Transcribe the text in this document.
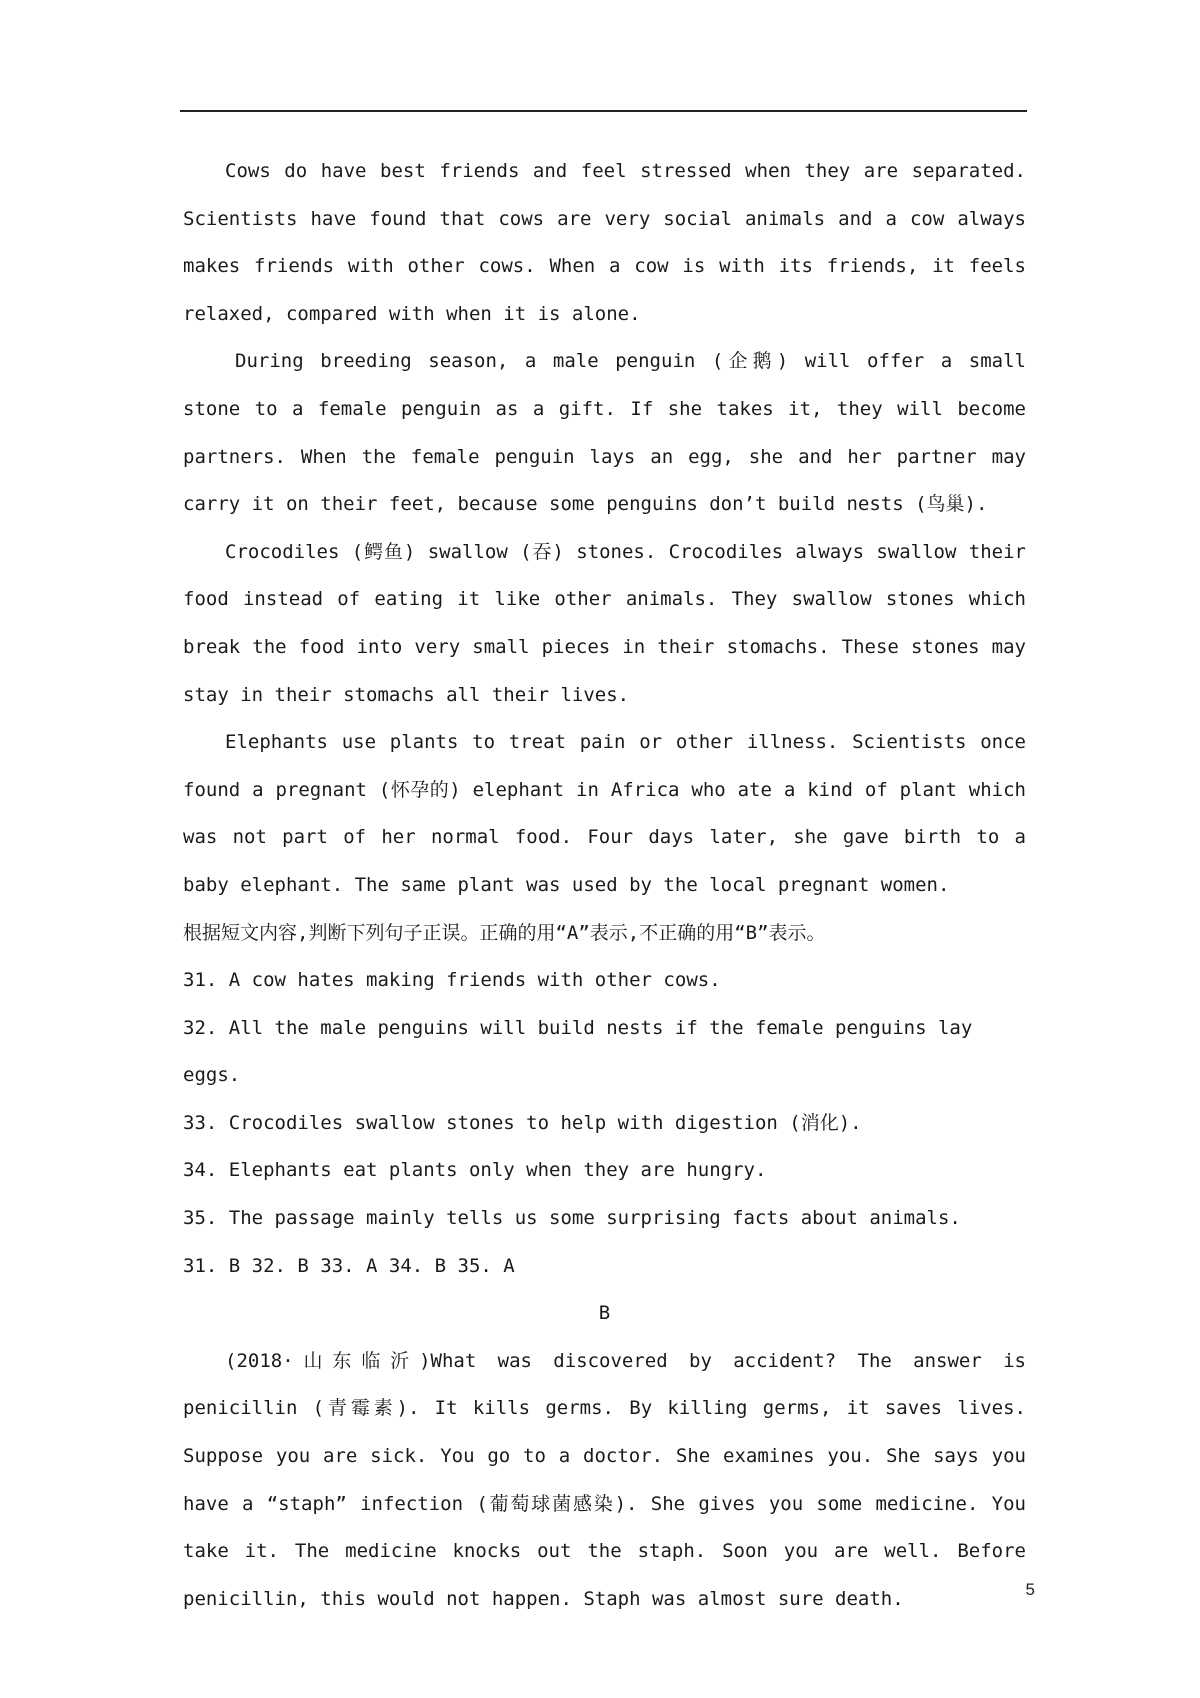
Cows do have best friends and feel stressed when they are separated. Scientists have found that cows are very social animals and a cow always makes friends with other cows. When a cow is with its friends, it feels relaxed, compared with when it is alone.

During breeding season, a male penguin (企鹅) will offer a small stone to a female penguin as a gift. If she takes it, they will become partners. When the female penguin lays an egg, she and her partner may carry it on their feet, because some penguins don’t build nests (鸟巢).

Crocodiles (鳄鱼) swallow (吞) stones. Crocodiles always swallow their food instead of eating it like other animals. They swallow stones which break the food into very small pieces in their stomachs. These stones may stay in their stomachs all their lives.

Elephants use plants to treat pain or other illness. Scientists once found a pregnant (怀孕的) elephant in Africa who ate a kind of plant which was not part of her normal food. Four days later, she gave birth to a baby elephant. The same plant was used by the local pregnant women.

根据短文内容,判断下列句子正误。正确的用“A”表示,不正确的用“B”表示。

31. A cow hates making friends with other cows.

32. All the male penguins will build nests if the female penguins lay eggs.

33. Crocodiles swallow stones to help with digestion (消化).

34. Elephants eat plants only when they are hungry.

35. The passage mainly tells us some surprising facts about animals.

31. B 32. B 33. A 34. B 35. A

B

(2018·山东临沂)What was discovered by accident? The answer is penicillin (青霉素). It kills germs. By killing germs, it saves lives. Suppose you are sick. You go to a doctor. She examines you. She says you have a “staph” infection (葡萄球菌感染). She gives you some medicine. You take it. The medicine knocks out the staph. Soon you are well. Before penicillin, this would not happen. Staph was almost sure death.	5
